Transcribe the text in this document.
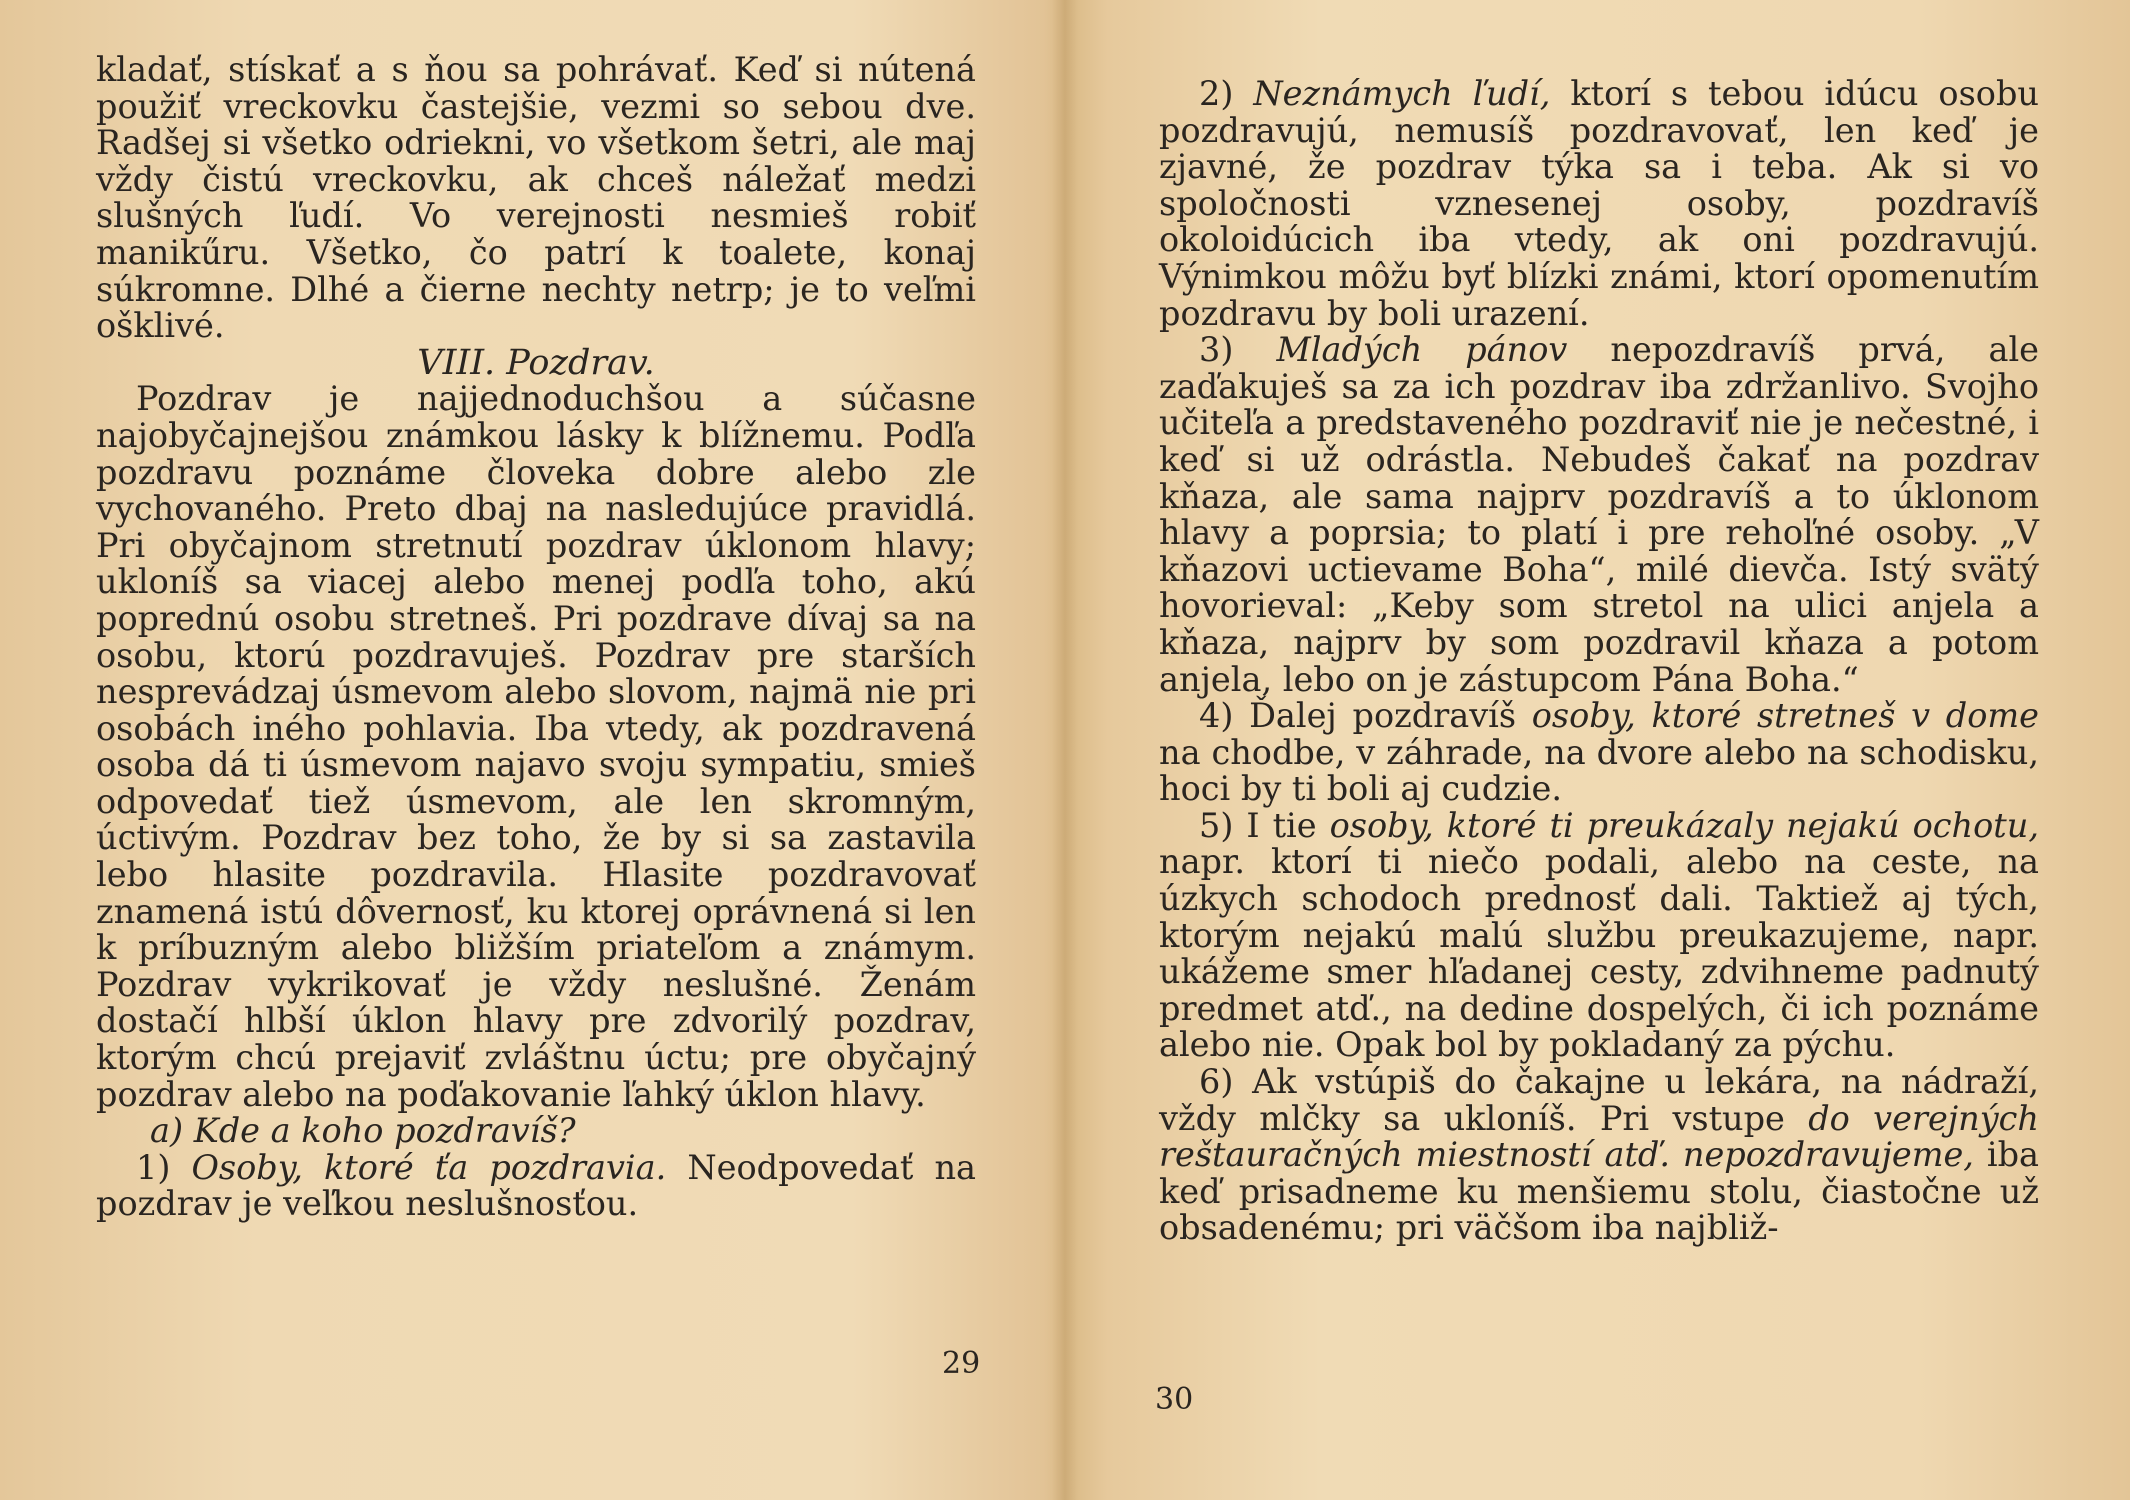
kladať, stískať a s ňou sa pohrávať. Keď si nútená použiť vreckovku častejšie, vezmi so sebou dve. Radšej si všetko odriekni, vo všetkom šetri, ale maj vždy čistú vreckovku, ak chceš náležať medzi slušných ľudí. Vo verejnosti nesmieš robiť manikűru. Všetko, čo patrí k toalete, konaj súkromne. Dlhé a čierne nechty netrp; je to veľmi ošklivé.

VIII. Pozdrav.

Pozdrav je najjednoduchšou a súčasne najobyčajnejšou známkou lásky k blížnemu. Podľa pozdravu poznáme človeka dobre alebo zle vychovaného. Preto dbaj na nasledujúce pravidlá. Pri obyčajnom stretnutí pozdrav úklonom hlavy; ukloníš sa viacej alebo menej podľa toho, akú poprednú osobu stretneš. Pri pozdrave dívaj sa na osobu, ktorú pozdravuješ. Pozdrav pre starších nesprevádzaj úsmevom alebo slovom, najmä nie pri osobách iného pohlavia. Iba vtedy, ak pozdravená osoba dá ti úsmevom najavo svoju sympatiu, smieš odpovedať tiež úsmevom, ale len skromným, úctivým. Pozdrav bez toho, že by si sa zastavila lebo hlasite pozdravila. Hlasite pozdravovať znamená istú dôvernosť, ku ktorej oprávnená si len k príbuzným alebo bližším priateľom a známym. Pozdrav vykrikovať je vždy neslušné. Ženám dostačí hlbší úklon hlavy pre zdvorilý pozdrav, ktorým chcú prejaviť zvláštnu úctu; pre obyčajný pozdrav alebo na poďakovanie ľahký úklon hlavy.

a) Kde a koho pozdravíš?

1) Osoby, ktoré ťa pozdravia. Neodpovedať na pozdrav je veľkou neslušnosťou.

29

2) Neznámych ľudí, ktorí s tebou idúcu osobu pozdravujú, nemusíš pozdravovať, len keď je zjavné, že pozdrav týka sa i teba. Ak si vo spoločnosti vznesenej osoby, pozdravíš okoloidúcich iba vtedy, ak oni pozdravujú. Výnimkou môžu byť blízki známi, ktorí opomenutím pozdravu by boli urazení.

3) Mladých pánov nepozdravíš prvá, ale zaďakuješ sa za ich pozdrav iba zdržanlivo. Svojho učiteľa a predstaveného pozdraviť nie je nečestné, i keď si už odrástla. Nebudeš čakať na pozdrav kňaza, ale sama najprv pozdravíš a to úklonom hlavy a poprsia; to platí i pre rehoľné osoby. „V kňazovi uctievame Boha“, milé dievča. Istý svätý hovorieval: „Keby som stretol na ulici anjela a kňaza, najprv by som pozdravil kňaza a potom anjela, lebo on je zástupcom Pána Boha.“

4) Ďalej pozdravíš osoby, ktoré stretneš v dome na chodbe, v záhrade, na dvore alebo na schodisku, hoci by ti boli aj cudzie.

5) I tie osoby, ktoré ti preukázaly nejakú ochotu, napr. ktorí ti niečo podali, alebo na ceste, na úzkych schodoch prednosť dali. Taktiež aj tých, ktorým nejakú malú službu preukazujeme, napr. ukážeme smer hľadanej cesty, zdvihneme padnutý predmet atď., na dedine dospelých, či ich poznáme alebo nie. Opak bol by pokladaný za pýchu.

6) Ak vstúpiš do čakajne u lekára, na nádraží, vždy mlčky sa ukloníš. Pri vstupe do verejných reštauračných miestností atď. nepozdravujeme, iba keď prisadneme ku menšiemu stolu, čiastočne už obsadenému; pri väčšom iba najbliž-

30
